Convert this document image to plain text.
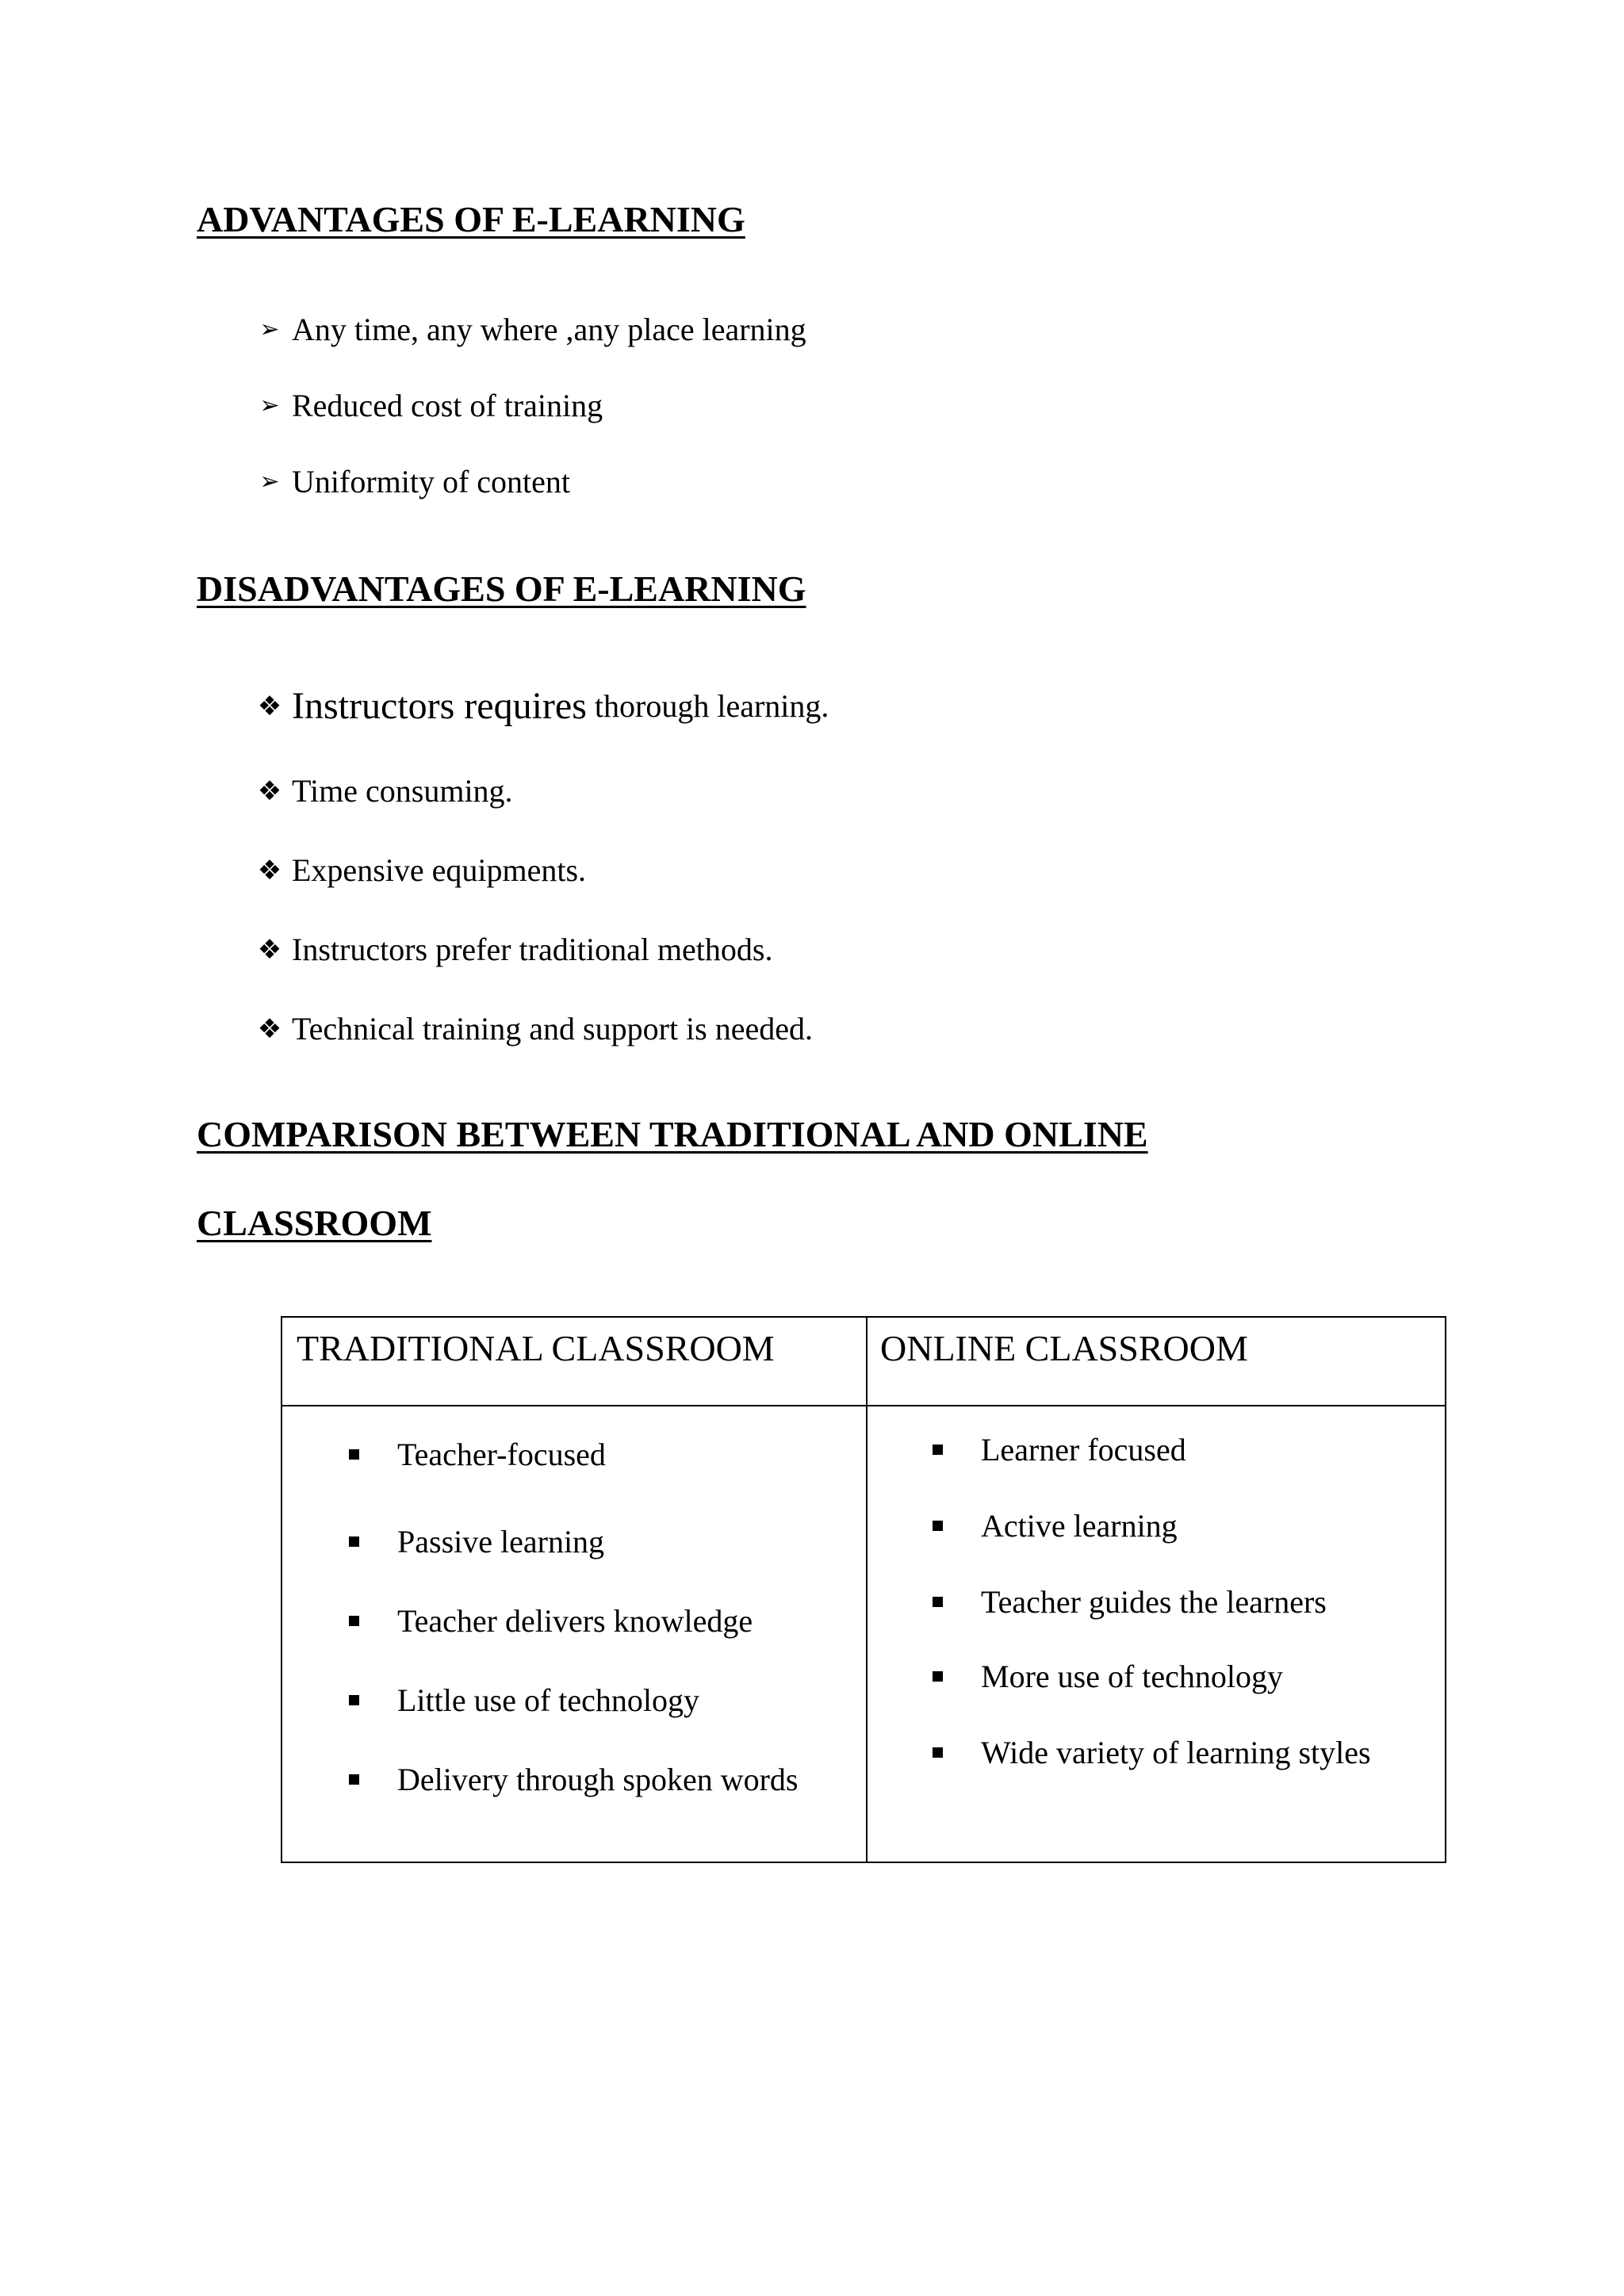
ADVANTAGES OF E-LEARNING
➢ Any time, any where ,any place learning
➢ Reduced cost of training
➢ Uniformity of content
DISADVANTAGES OF E-LEARNING
❖ Instructors requires thorough learning.
❖ Time consuming.
❖ Expensive equipments.
❖ Instructors prefer traditional methods.
❖ Technical training and support is needed.
COMPARISON BETWEEN TRADITIONAL AND ONLINE
CLASSROOM
TRADITIONAL CLASSROOM	ONLINE CLASSROOM
Teacher-focused
Passive learning
Teacher delivers knowledge
Little use of technology
Delivery through spoken words
Learner focused
Active learning
Teacher guides the learners
More use of technology
Wide variety of learning styles
